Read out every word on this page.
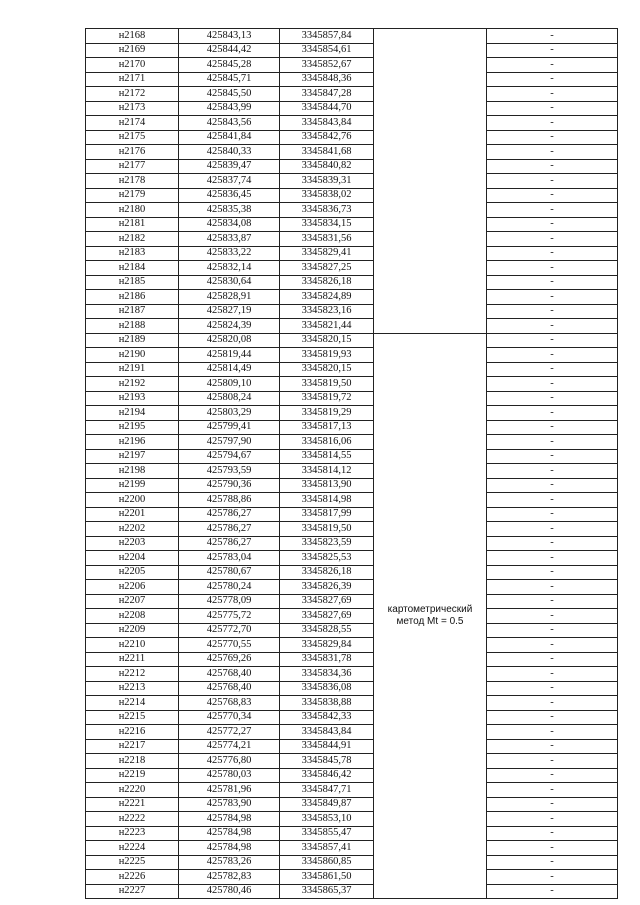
н2168	425843,13	3345857,84		-
н2169	425844,42	3345854,61		-
н2170	425845,28	3345852,67		-
н2171	425845,71	3345848,36		-
н2172	425845,50	3345847,28		-
н2173	425843,99	3345844,70		-
н2174	425843,56	3345843,84		-
н2175	425841,84	3345842,76		-
н2176	425840,33	3345841,68		-
н2177	425839,47	3345840,82		-
н2178	425837,74	3345839,31		-
н2179	425836,45	3345838,02		-
н2180	425835,38	3345836,73		-
н2181	425834,08	3345834,15		-
н2182	425833,87	3345831,56		-
н2183	425833,22	3345829,41		-
н2184	425832,14	3345827,25		-
н2185	425830,64	3345826,18		-
н2186	425828,91	3345824,89		-
н2187	425827,19	3345823,16		-
н2188	425824,39	3345821,44		-
н2189	425820,08	3345820,15	картометрический метод Mt = 0.5	-
н2190	425819,44	3345819,93		-
н2191	425814,49	3345820,15		-
н2192	425809,10	3345819,50		-
н2193	425808,24	3345819,72		-
н2194	425803,29	3345819,29		-
н2195	425799,41	3345817,13		-
н2196	425797,90	3345816,06		-
н2197	425794,67	3345814,55		-
н2198	425793,59	3345814,12		-
н2199	425790,36	3345813,90		-
н2200	425788,86	3345814,98		-
н2201	425786,27	3345817,99		-
н2202	425786,27	3345819,50		-
н2203	425786,27	3345823,59		-
н2204	425783,04	3345825,53		-
н2205	425780,67	3345826,18		-
н2206	425780,24	3345826,39		-
н2207	425778,09	3345827,69		-
н2208	425775,72	3345827,69		-
н2209	425772,70	3345828,55		-
н2210	425770,55	3345829,84		-
н2211	425769,26	3345831,78		-
н2212	425768,40	3345834,36		-
н2213	425768,40	3345836,08		-
н2214	425768,83	3345838,88		-
н2215	425770,34	3345842,33		-
н2216	425772,27	3345843,84		-
н2217	425774,21	3345844,91		-
н2218	425776,80	3345845,78		-
н2219	425780,03	3345846,42		-
н2220	425781,96	3345847,71		-
н2221	425783,90	3345849,87		-
н2222	425784,98	3345853,10		-
н2223	425784,98	3345855,47		-
н2224	425784,98	3345857,41		-
н2225	425783,26	3345860,85		-
н2226	425782,83	3345861,50		-
н2227	425780,46	3345865,37		-
